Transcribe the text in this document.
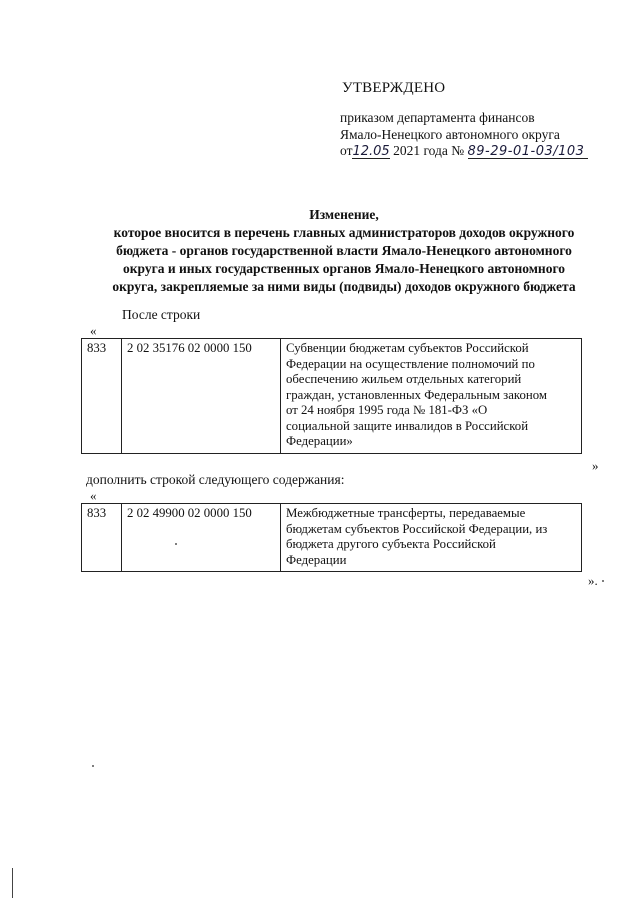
УТВЕРЖДЕНО
приказом департамента финансов
Ямало-Ненецкого автономного округа
от12.05 2021 года № 89-29-01-03/103
Изменение,
которое вносится в перечень главных администраторов доходов окружного
бюджета - органов государственной власти Ямало-Ненецкого автономного
округа и иных государственных органов Ямало-Ненецкого автономного
округа, закрепляемые за ними виды (подвиды) доходов окружного бюджета
После строки
«
833	2 02 35176 02 0000 150	Субвенции бюджетам субъектов Российской
Федерации на осуществление полномочий по
обеспечению жильем отдельных категорий
граждан, установленных Федеральным законом
от 24 ноября 1995 года № 181-ФЗ «О
социальной защите инвалидов в Российской
Федерации»
»
дополнить строкой следующего содержания:
«
833	2 02 49900 02 0000 150	Межбюджетные трансферты, передаваемые
бюджетам субъектов Российской Федерации, из
бюджета другого субъекта Российской
Федерации
».
